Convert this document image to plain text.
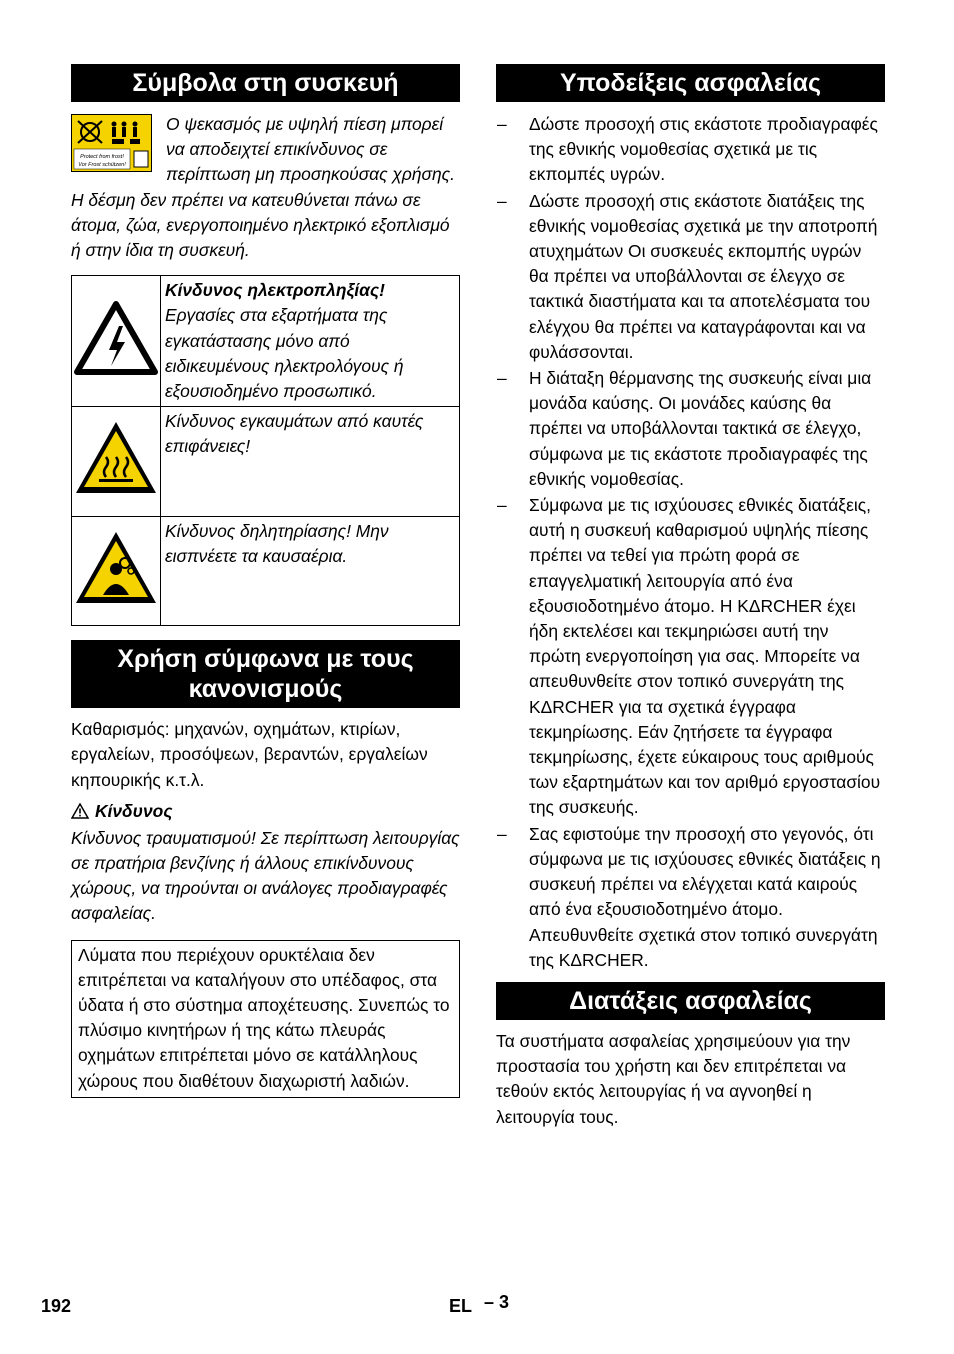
Σύμβολα στη συσκευή
Protect from frost!
Vor Frost schützen!
Ο ψεκασμός με υψηλή πίεση μπορεί να αποδειχτεί επικίνδυνος σε περίπτωση μη προσηκούσας χρήσης. Η δέσμη δεν πρέπει να κατευθύνεται πάνω σε άτομα, ζώα, ενεργοποιημένο ηλεκτρικό εξοπλισμό ή στην ίδια τη συσκευή.

Κίνδυνος ηλεκτροπληξίας!
Εργασίες στα εξαρτήματα της εγκατάστασης μόνο από ειδικευμένους ηλεκτρολόγους ή εξουσιοδημένο προσωπικό.

Κίνδυνος εγκαυμάτων από καυτές επιφάνειες!

Κίνδυνος δηλητηρίασης! Μην εισπνέετε τα καυσαέρια.
Χρήση σύμφωνα με τους κανονισμούς

Καθαρισμός: μηχανών, οχημάτων, κτιρίων, εργαλείων, προσόψεων, βεραντών, εργαλείων κηπουρικής κ.τ.λ.

Κίνδυνος

Κίνδυνος τραυματισμού! Σε περίπτωση λειτουργίας σε πρατήρια βενζίνης ή άλλους επικίνδυνους χώρους, να τηρούνται οι ανάλογες προδιαγραφές ασφαλείας.

Λύματα που περιέχουν ορυκτέλαια δεν επιτρέπεται να καταλήγουν στο υπέδαφος, στα ύδατα ή στο σύστημα αποχέτευσης. Συνεπώς το πλύσιμο κινητήρων ή της κάτω πλευράς οχημάτων επιτρέπεται μόνο σε κατάλληλους χώρους που διαθέτουν διαχωριστή λαδιών.
Υποδείξεις ασφαλείας
– Δώστε προσοχή στις εκάστοτε προδιαγραφές της εθνικής νομοθεσίας σχετικά με τις εκπομπές υγρών.
– Δώστε προσοχή στις εκάστοτε διατάξεις της εθνικής νομοθεσίας σχετικά με την αποτροπή ατυχημάτων Οι συσκευές εκπομπής υγρών θα πρέπει να υποβάλλονται σε έλεγχο σε τακτικά διαστήματα και τα αποτελέσματα του ελέγχου θα πρέπει να καταγράφονται και να φυλάσσονται.
– Η διάταξη θέρμανσης της συσκευής είναι μια μονάδα καύσης. Οι μονάδες καύσης θα πρέπει να υποβάλλονται τακτικά σε έλεγχο, σύμφωνα με τις εκάστοτε προδιαγραφές της εθνικής νομοθεσίας.
– Σύμφωνα με τις ισχύουσες εθνικές διατάξεις, αυτή η συσκευή καθαρισμού υψηλής πίεσης πρέπει να τεθεί για πρώτη φορά σε επαγγελματική λειτουργία από ένα εξουσιοδοτημένο άτομο. Η KΔRCHER έχει ήδη εκτελέσει και τεκμηριώσει αυτή την πρώτη ενεργοποίηση για σας. Μπορείτε να απευθυνθείτε στον τοπικό συνεργάτη της KΔRCHER για τα σχετικά έγγραφα τεκμηρίωσης. Εάν ζητήσετε τα έγγραφα τεκμηρίωσης, έχετε εύκαιρους τους αριθμούς των εξαρτημάτων και τον αριθμό εργοστασίου της συσκευής.
– Σας εφιστούμε την προσοχή στο γεγονός, ότι σύμφωνα με τις ισχύουσες εθνικές διατάξεις η συσκευή πρέπει να ελέγχεται κατά καιρούς από ένα εξουσιοδοτημένο άτομο. Απευθυνθείτε σχετικά στον τοπικό συνεργάτη της KΔRCHER.
Διατάξεις ασφαλείας

Τα συστήματα ασφαλείας χρησιμεύουν για την προστασία του χρήστη και δεν επιτρέπεται να τεθούν εκτός λειτουργίας ή να αγνοηθεί η λειτουργία τους.

192	EL – 3
